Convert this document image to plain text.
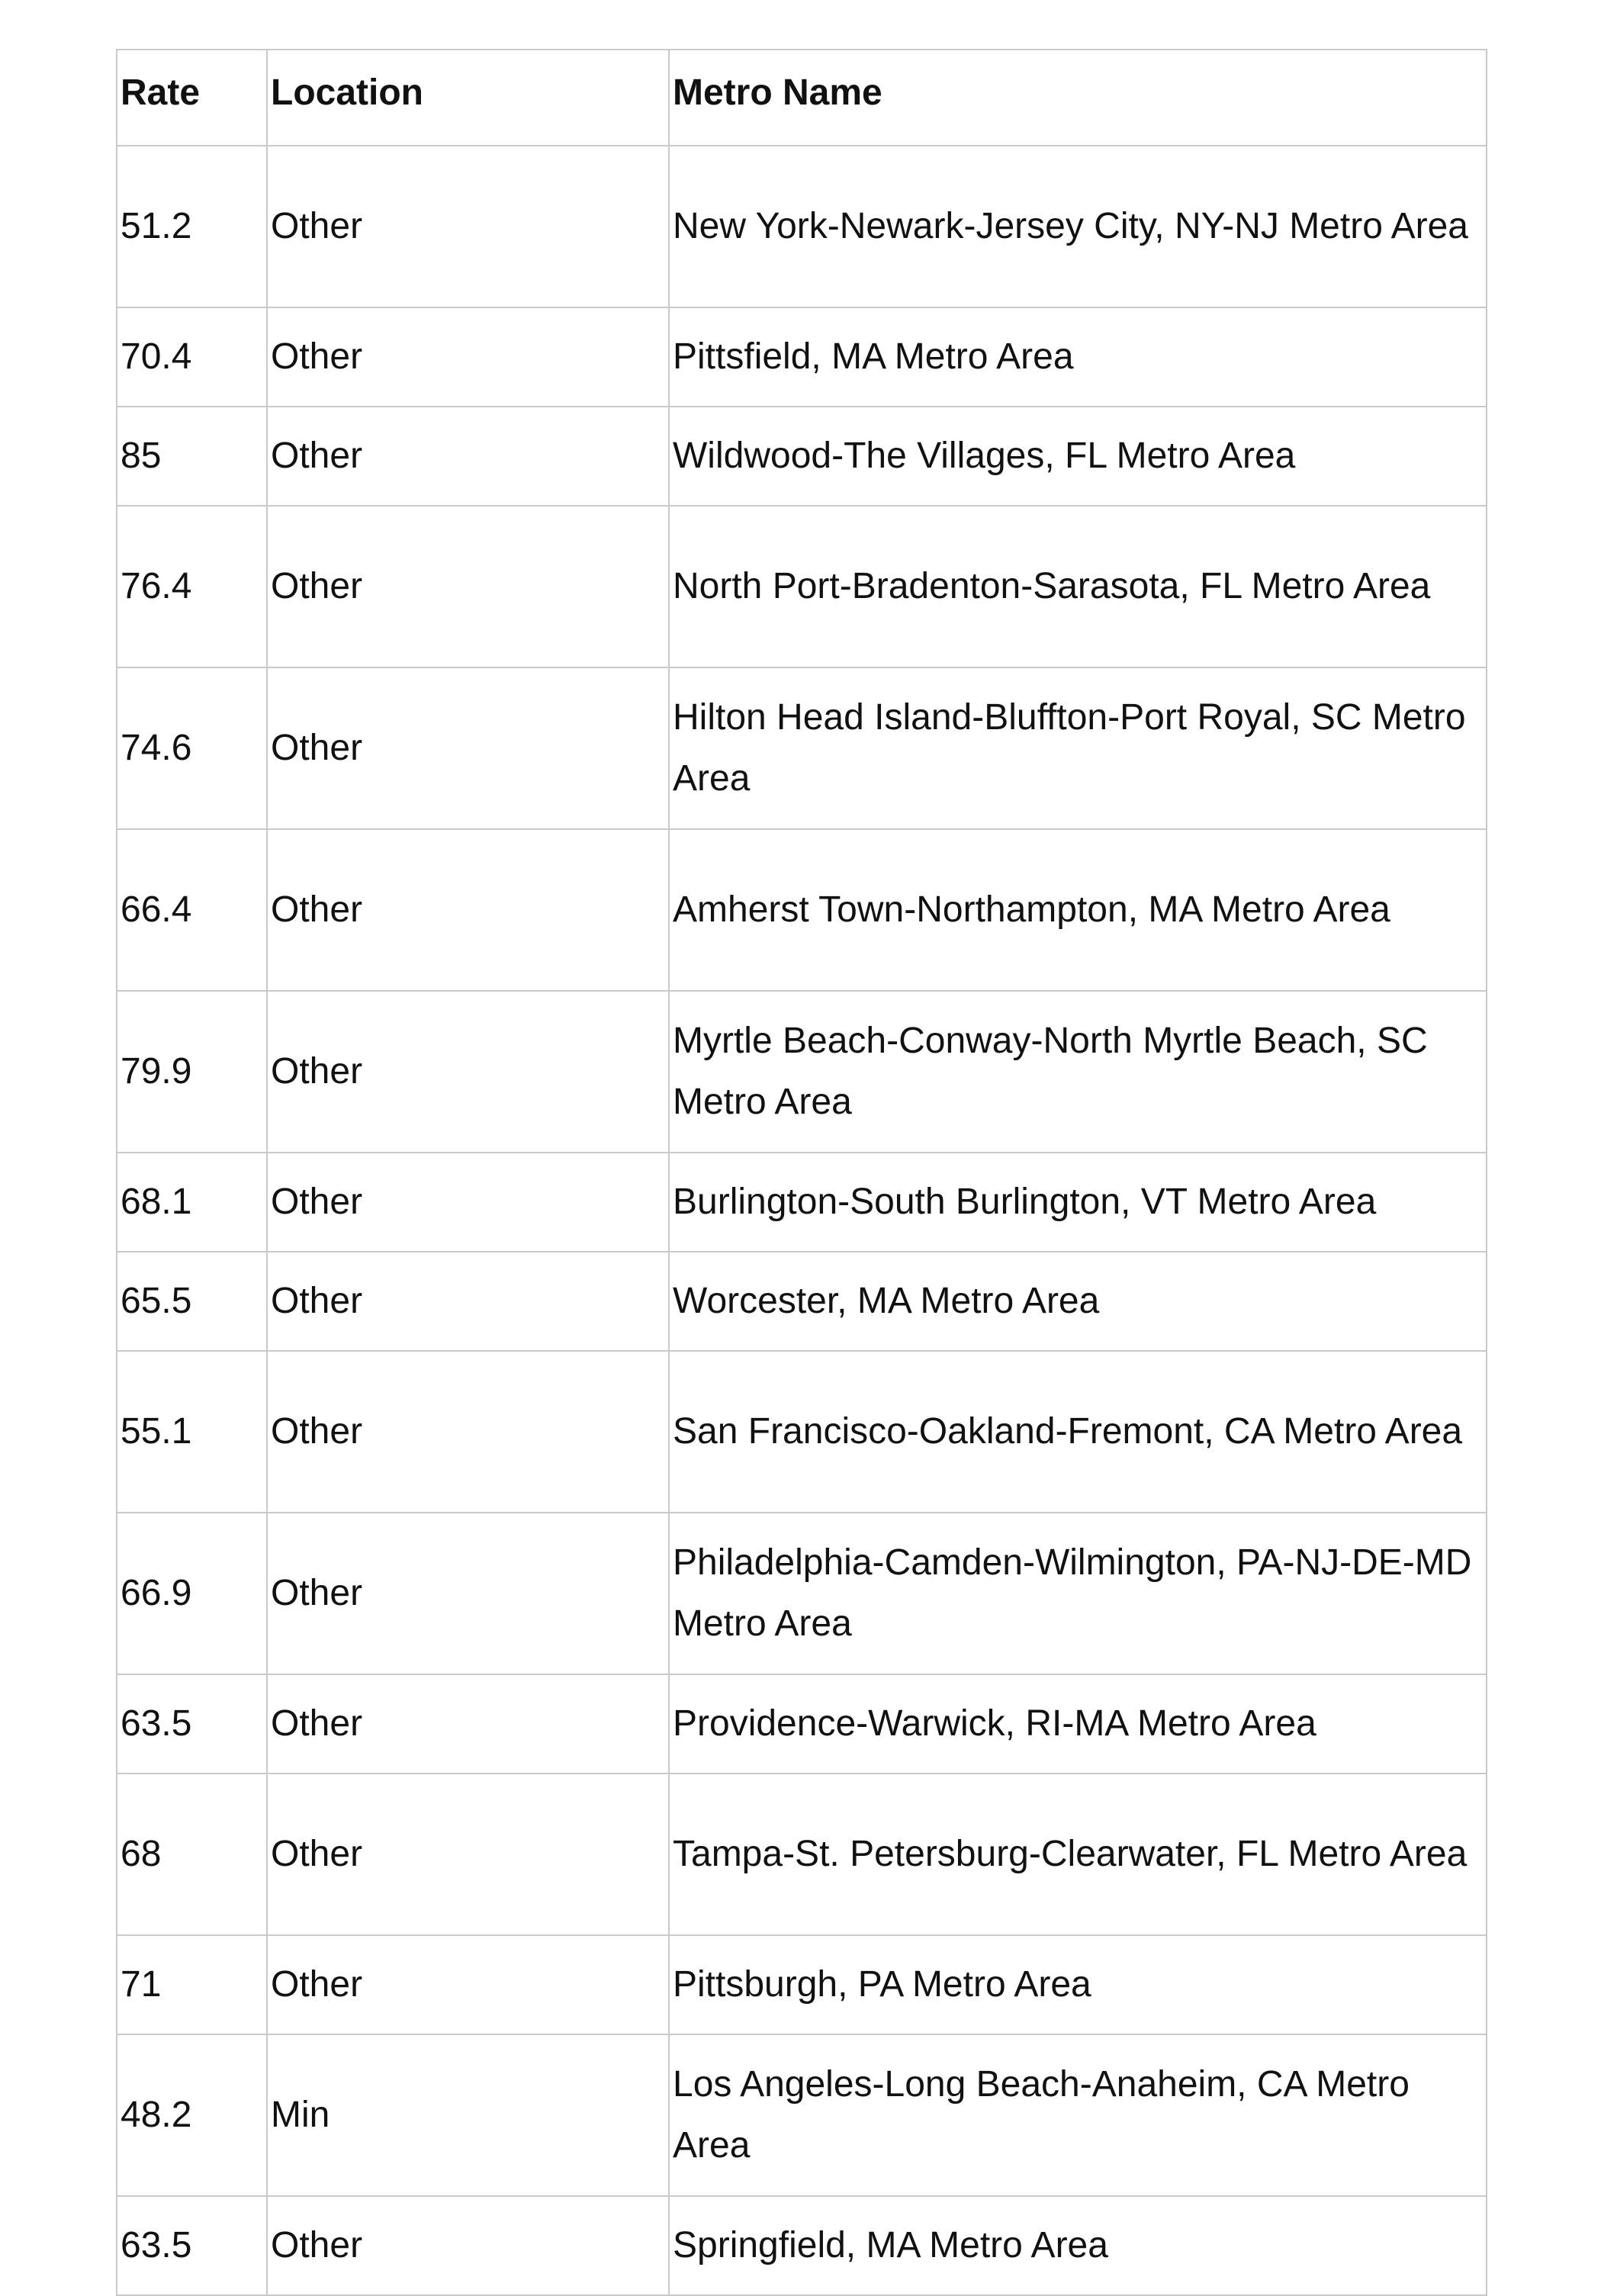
Rate	Location	Metro Name
51.2	Other	New York-Newark-Jersey City, NY-NJ Metro Area
70.4	Other	Pittsfield, MA Metro Area
85	Other	Wildwood-The Villages, FL Metro Area
76.4	Other	North Port-Bradenton-Sarasota, FL Metro Area
74.6	Other	Hilton Head Island-Bluffton-Port Royal, SC Metro Area
66.4	Other	Amherst Town-Northampton, MA Metro Area
79.9	Other	Myrtle Beach-Conway-North Myrtle Beach, SC Metro Area
68.1	Other	Burlington-South Burlington, VT Metro Area
65.5	Other	Worcester, MA Metro Area
55.1	Other	San Francisco-Oakland-Fremont, CA Metro Area
66.9	Other	Philadelphia-Camden-Wilmington, PA-NJ-DE-MD Metro Area
63.5	Other	Providence-Warwick, RI-MA Metro Area
68	Other	Tampa-St. Petersburg-Clearwater, FL Metro Area
71	Other	Pittsburgh, PA Metro Area
48.2	Min	Los Angeles-Long Beach-Anaheim, CA Metro Area
63.5	Other	Springfield, MA Metro Area
